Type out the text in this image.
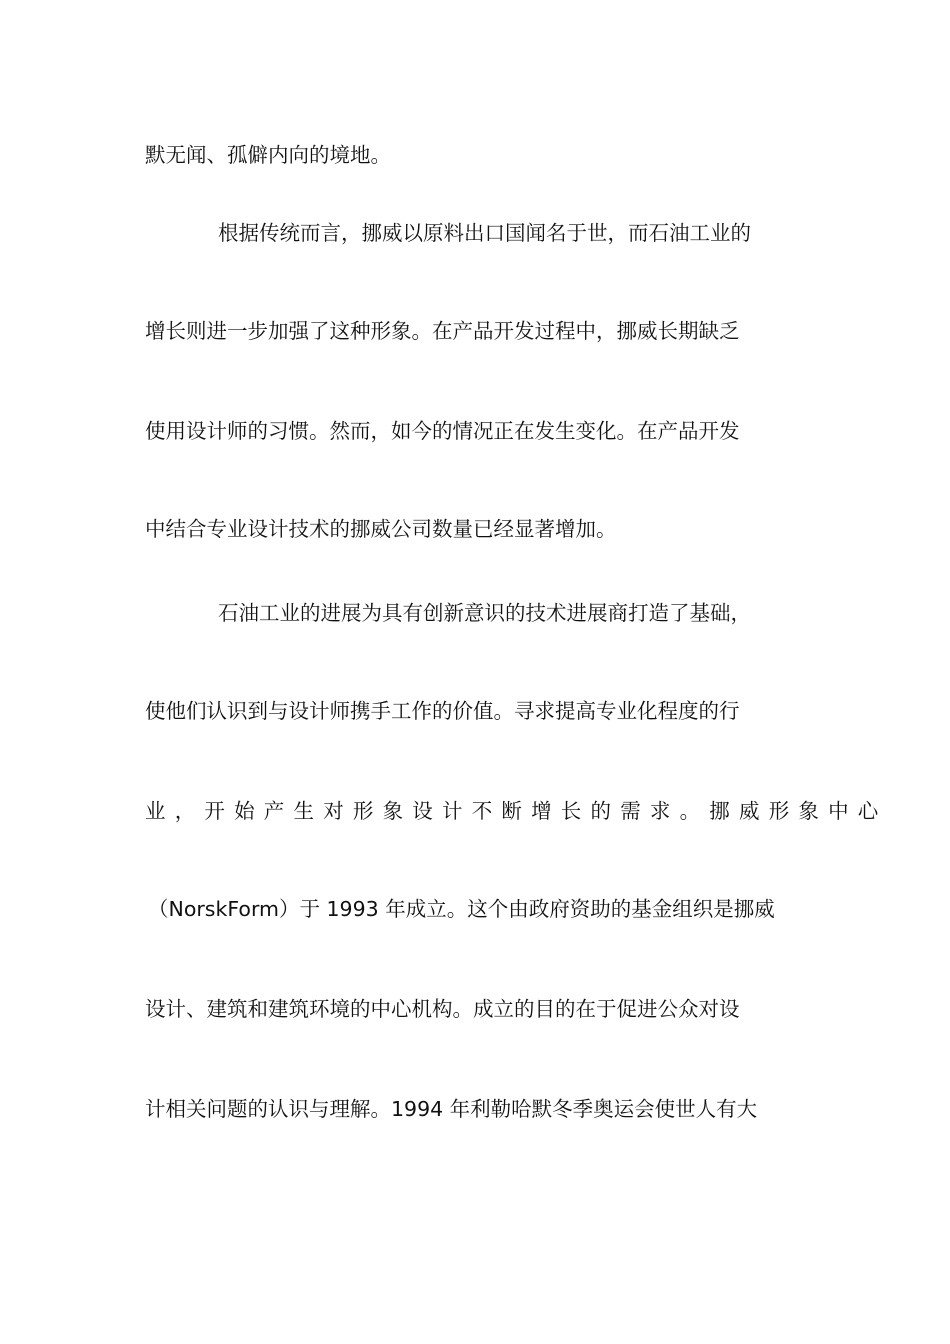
默无闻、孤僻内向的境地。
根据传统而言，挪威以原料出口国闻名于世，而石油工业的
增长则进一步加强了这种形象。在产品开发过程中，挪威长期缺乏
使用设计师的习惯。然而，如今的情况正在发生变化。在产品开发
中结合专业设计技术的挪威公司数量已经显著增加。
石油工业的进展为具有创新意识的技术进展商打造了基础，
使他们认识到与设计师携手工作的价值。寻求提高专业化程度的行
业，开始产生对形象设计不断增长的需求。挪威形象中心
（NorskForm）于 1993 年成立。这个由政府资助的基金组织是挪威
设计、建筑和建筑环境的中心机构。成立的目的在于促进公众对设
计相关问题的认识与理解。1994 年利勒哈默冬季奥运会使世人有大
